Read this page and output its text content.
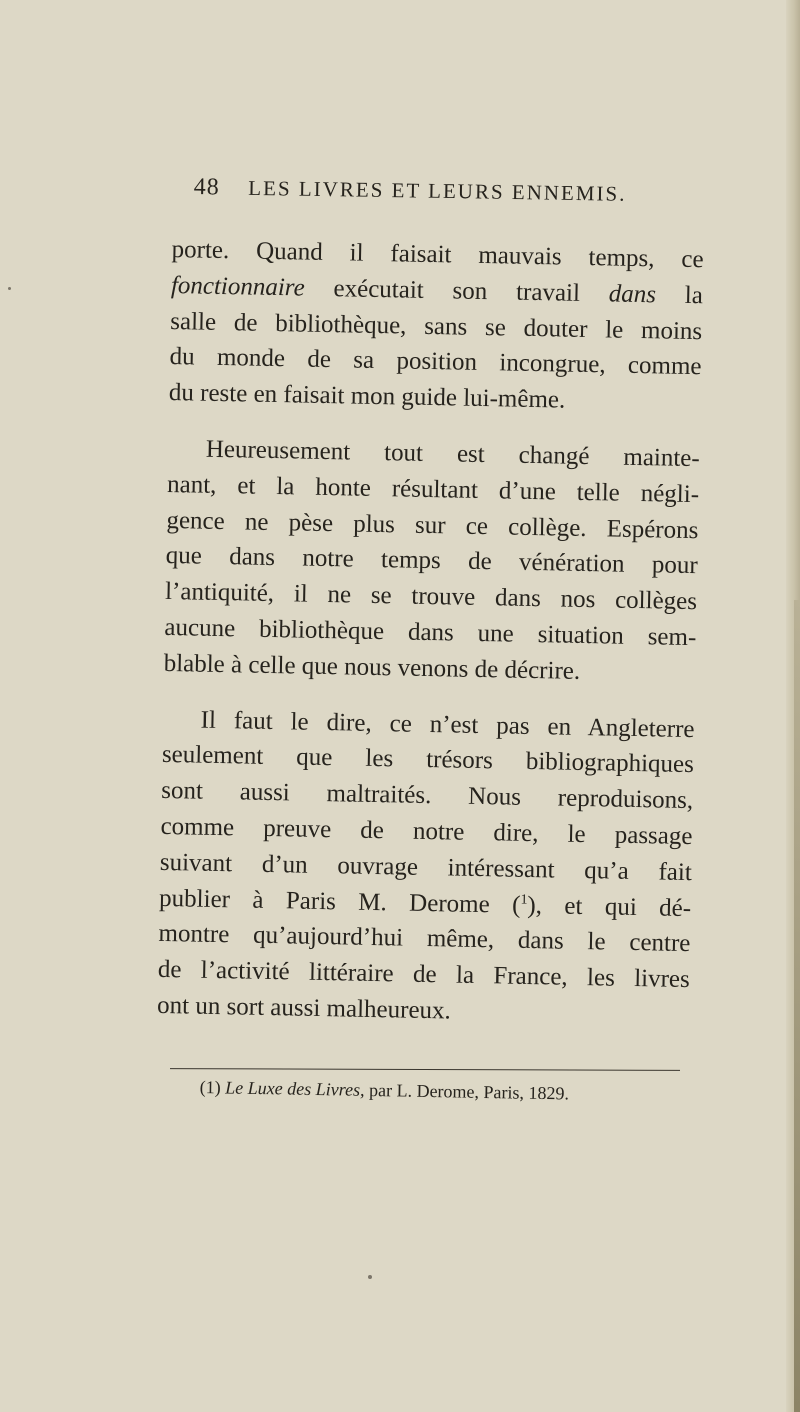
48 LES LIVRES ET LEURS ENNEMIS.
porte. Quand il faisait mauvais temps, ce
fonctionnaire exécutait son travail dans la
salle de bibliothèque, sans se douter le moins
du monde de sa position incongrue, comme
du reste en faisait mon guide lui-même.
Heureusement tout est changé mainte-
nant, et la honte résultant d’une telle négli-
gence ne pèse plus sur ce collège. Espérons
que dans notre temps de vénération pour
l’antiquité, il ne se trouve dans nos collèges
aucune bibliothèque dans une situation sem-
blable à celle que nous venons de décrire.
Il faut le dire, ce n’est pas en Angleterre
seulement que les trésors bibliographiques
sont aussi maltraités. Nous reproduisons,
comme preuve de notre dire, le passage
suivant d’un ouvrage intéressant qu’a fait
publier à Paris M. Derome ($^1$), et qui dé-
montre qu’aujourd’hui même, dans le centre
de l’activité littéraire de la France, les livres
ont un sort aussi malheureux.
(1) Le Luxe des Livres, par L. Derome, Paris, 1829.
